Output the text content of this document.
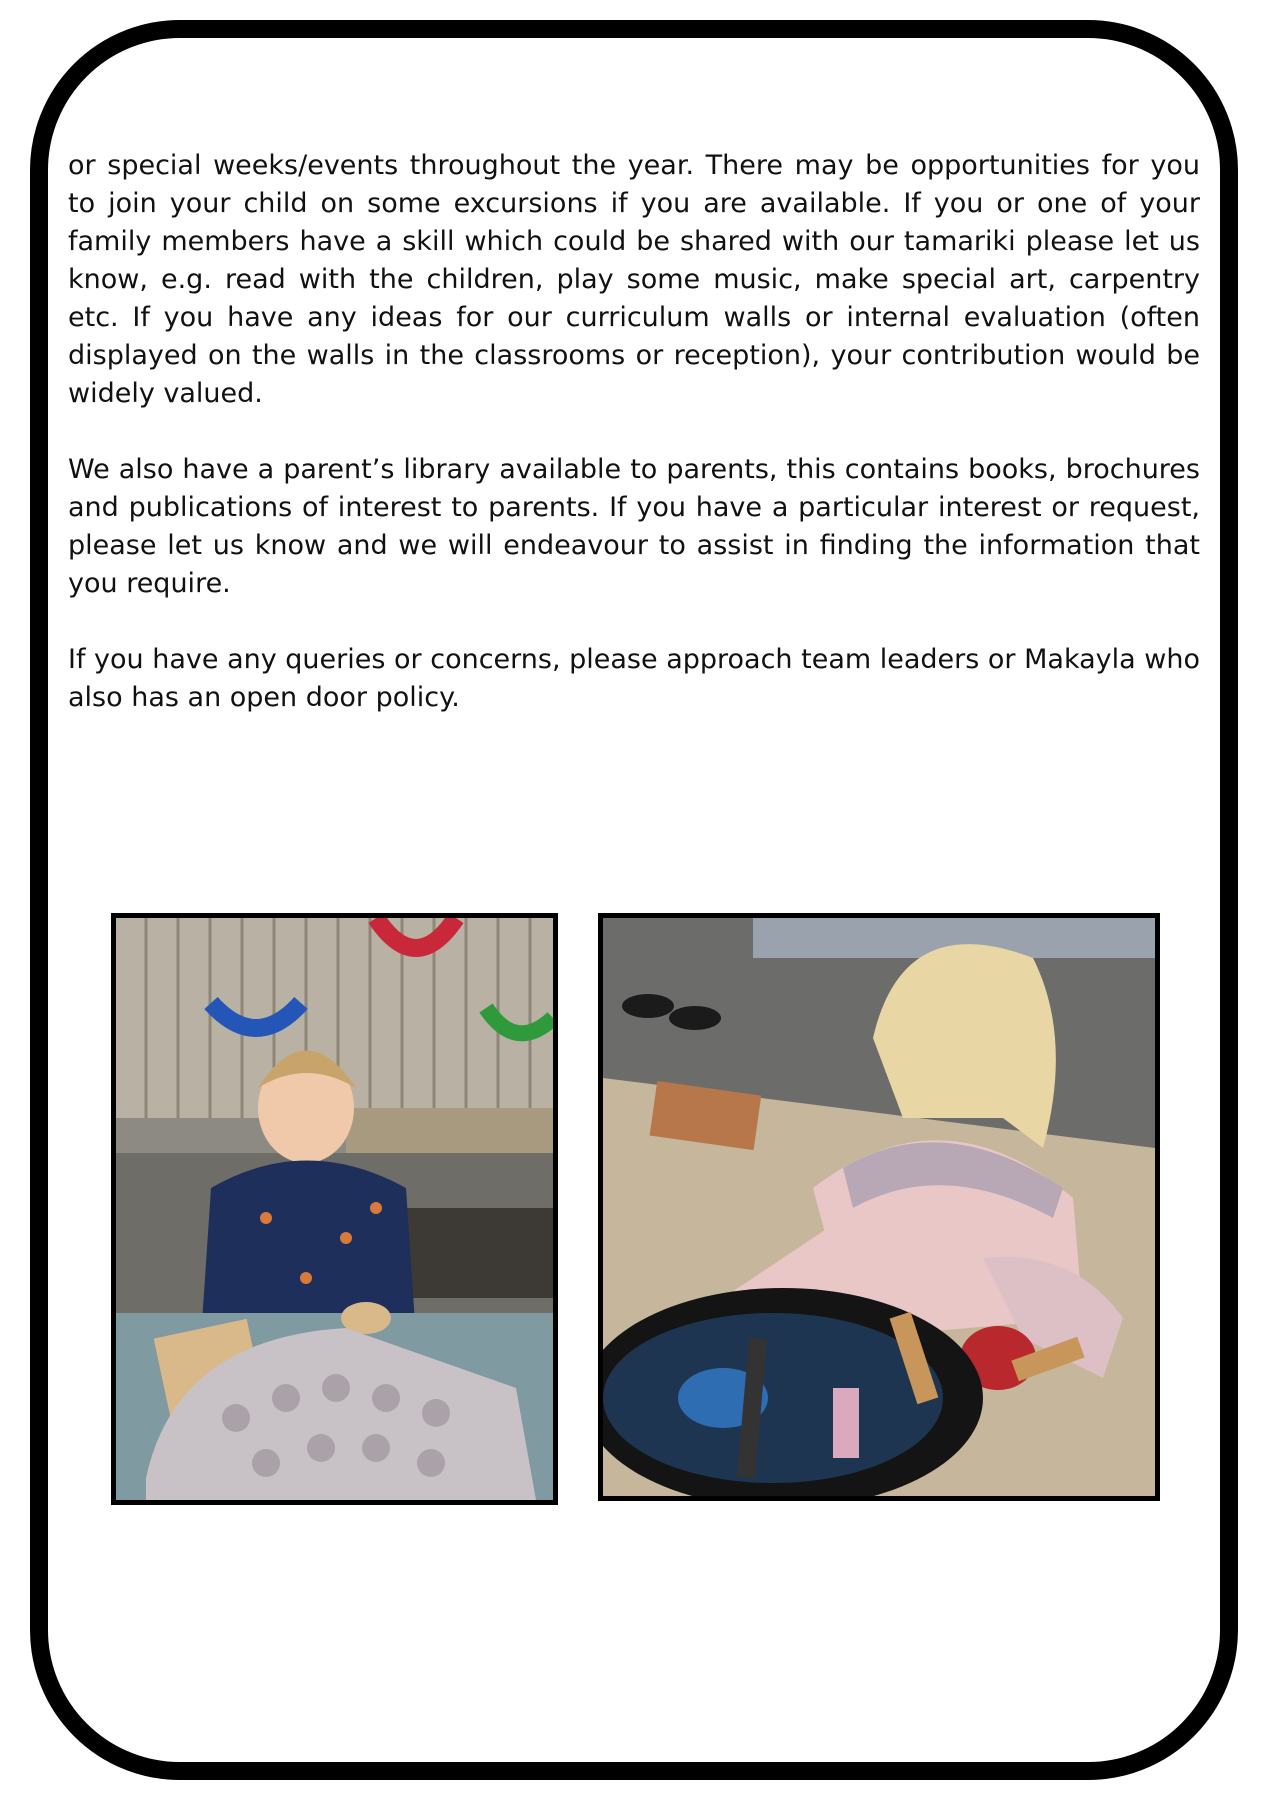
or special weeks/events throughout the year. There may be opportunities for you to join your child on some excursions if you are available. If you or one of your family members have a skill which could be shared with our tamariki please let us know, e.g. read with the children, play some music, make special art, carpentry etc. If you have any ideas for our curriculum walls or internal evaluation (often displayed on the walls in the classrooms or reception), your contribution would be widely valued.

We also have a parent’s library available to parents, this contains books, brochures and publications of interest to parents. If you have a particular interest or request, please let us know and we will endeavour to assist in finding the information that you require.

If you have any queries or concerns, please approach team leaders or Makayla who also has an open door policy.
